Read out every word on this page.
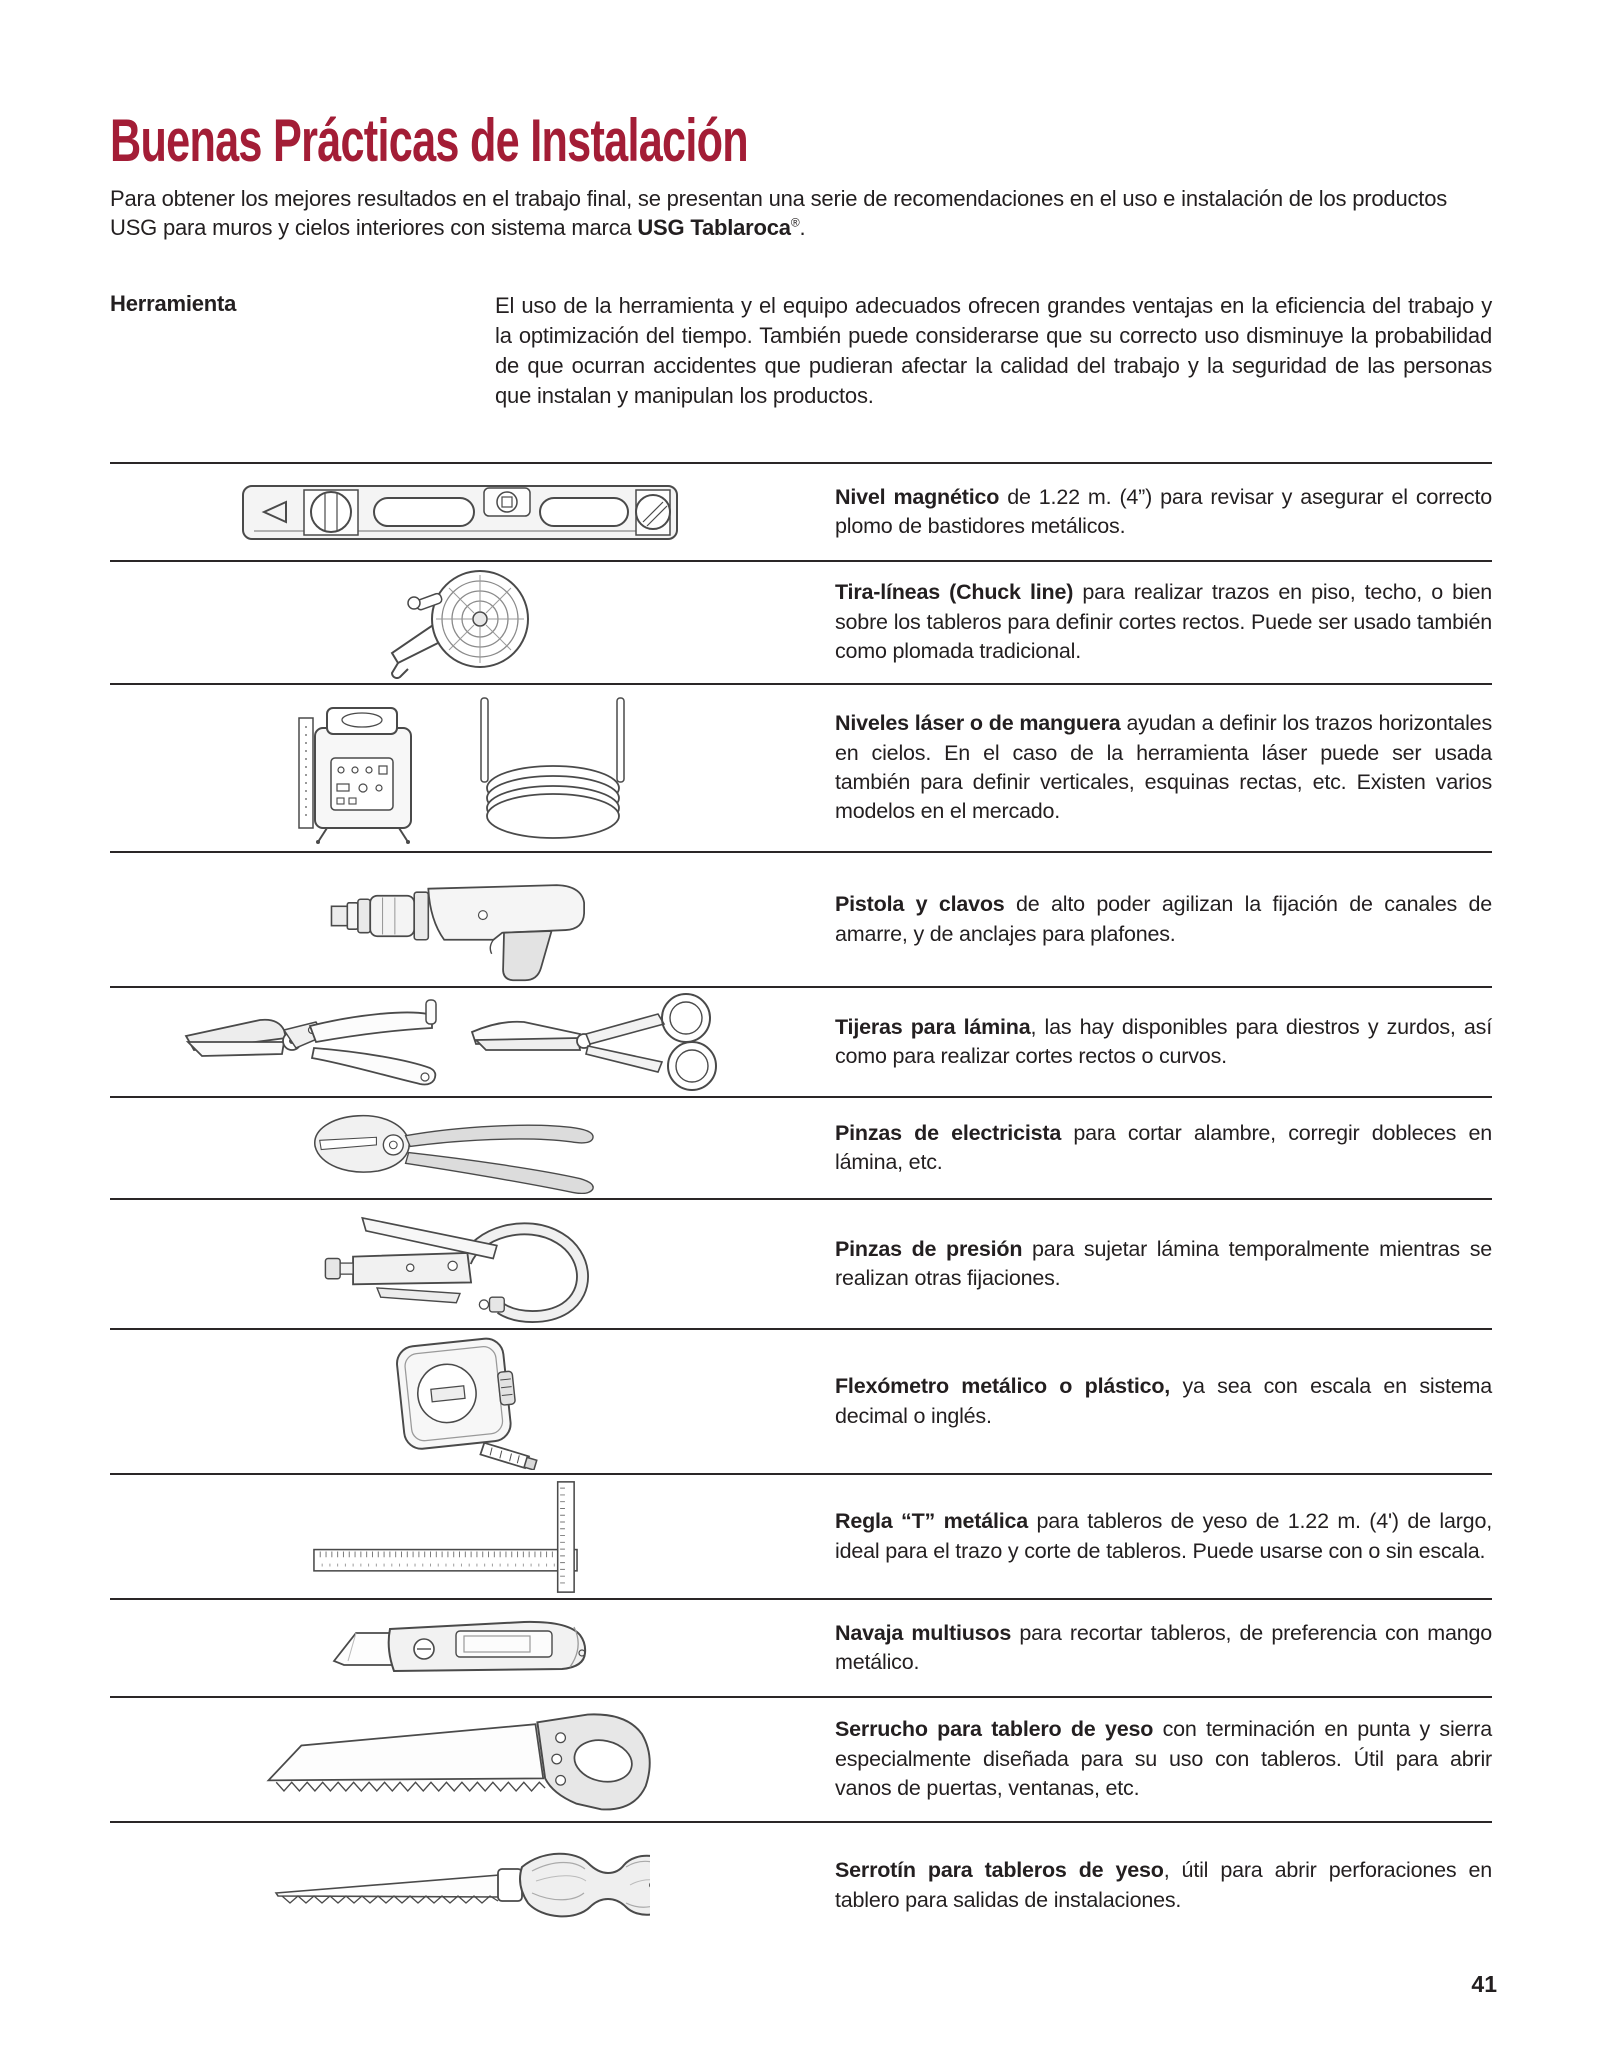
Buenas Prácticas de Instalación

Para obtener los mejores resultados en el trabajo final, se presentan una serie de recomendaciones en el uso e instalación de los productos USG para muros y cielos interiores con sistema marca USG Tablaroca®.

Herramienta	El uso de la herramienta y el equipo adecuados ofrecen grandes ventajas en la eficiencia del trabajo y la optimización del tiempo. También puede considerarse que su correcto uso disminuye la probabilidad de que ocurran accidentes que pudieran afectar la calidad del trabajo y la seguridad de las personas que instalan y manipulan los productos.

Nivel magnético de 1.22 m. (4”) para revisar y asegurar el correcto plomo de bastidores metálicos.

Tira-líneas (Chuck line) para realizar trazos en piso, techo, o bien sobre los tableros para definir cortes rectos. Puede ser usado también como plomada tradicional.

Niveles láser o de manguera ayudan a definir los trazos horizontales en cielos. En el caso de la herramienta láser puede ser usada también para definir verticales, esquinas rectas, etc. Existen varios modelos en el mercado.

Pistola y clavos de alto poder agilizan la fijación de canales de amarre, y de anclajes para plafones.

Tijeras para lámina, las hay disponibles para diestros y zurdos, así como para realizar cortes rectos o curvos.

Pinzas de electricista para cortar alambre, corregir dobleces en lámina, etc.

Pinzas de presión para sujetar lámina temporalmente mientras se realizan otras fijaciones.

Flexómetro metálico o plástico, ya sea con escala en sistema decimal o inglés.

Regla “T” metálica para tableros de yeso de 1.22 m. (4') de largo, ideal para el trazo y corte de tableros. Puede usarse con o sin escala.

Navaja multiusos para recortar tableros, de preferencia con mango metálico.

Serrucho para tablero de yeso con terminación en punta y sierra especialmente diseñada para su uso con tableros. Útil para abrir vanos de puertas, ventanas, etc.

Serrotín para tableros de yeso, útil para abrir perforaciones en tablero para salidas de instalaciones.

41
